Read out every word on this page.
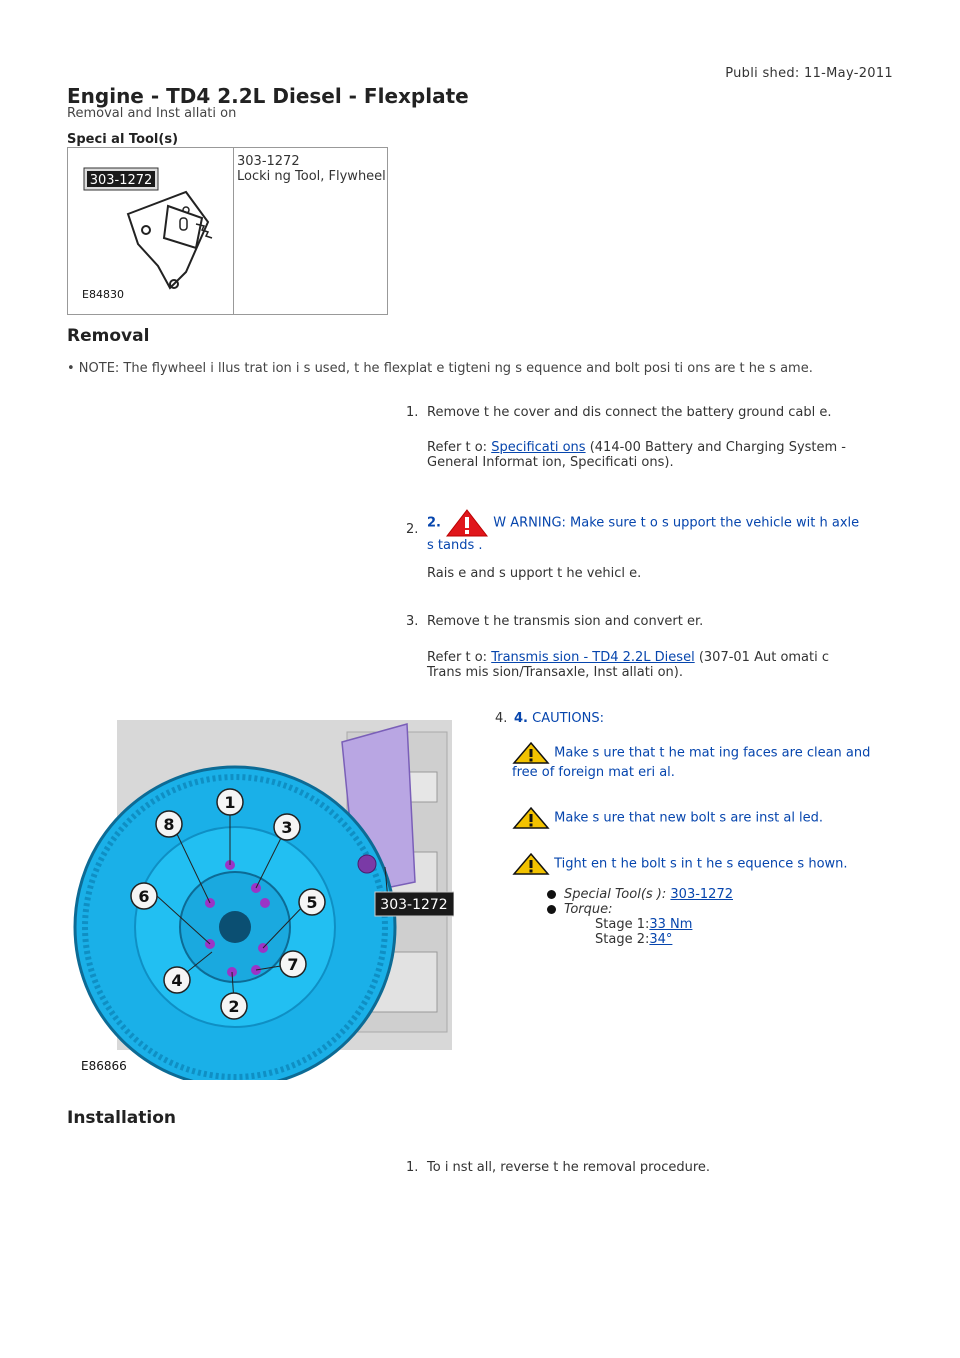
Publi shed: 11-May-2011
Engine - TD4 2.2L Diesel - Flexplate
Removal and Inst allati on
Speci al Tool(s)
303-1272
E84830
303-1272
Locki ng Tool, Flywheel
Removal
• NOTE: The flywheel i llus trat ion i s used, t he flexplat e tigteni ng s equence and bolt posi ti ons are t he s ame.
1. Remove t he cover and dis connect the battery ground cabl e.
Refer t o: Specificati ons (414-00 Battery and Charging System -
General Informat ion, Specificati ons).
2. 2.	W ARNING: Make sure t o s upport the vehicle wit h axle
s tands .
Rais e and s upport t he vehicl e.
3. Remove t he transmis sion and convert er.
Refer t o: Transmis sion - TD4 2.2L Diesel (307-01 Aut omati c
Trans mis sion/Transaxle, Inst allati on).
1
2
3
4
5
6
7
8
303-1272
E86866
4. 4. CAUTIONS:
Make s ure that t he mat ing faces are clean and
free of foreign mat eri al.
Make s ure that new bolt s are inst al led.
Tight en t he bolt s in t he s equence s hown.
Special Tool(s ): 303-1272
Torque:
Stage 1:33 Nm
Stage 2:34°
Installation
1. To i nst all, reverse t he removal procedure.
